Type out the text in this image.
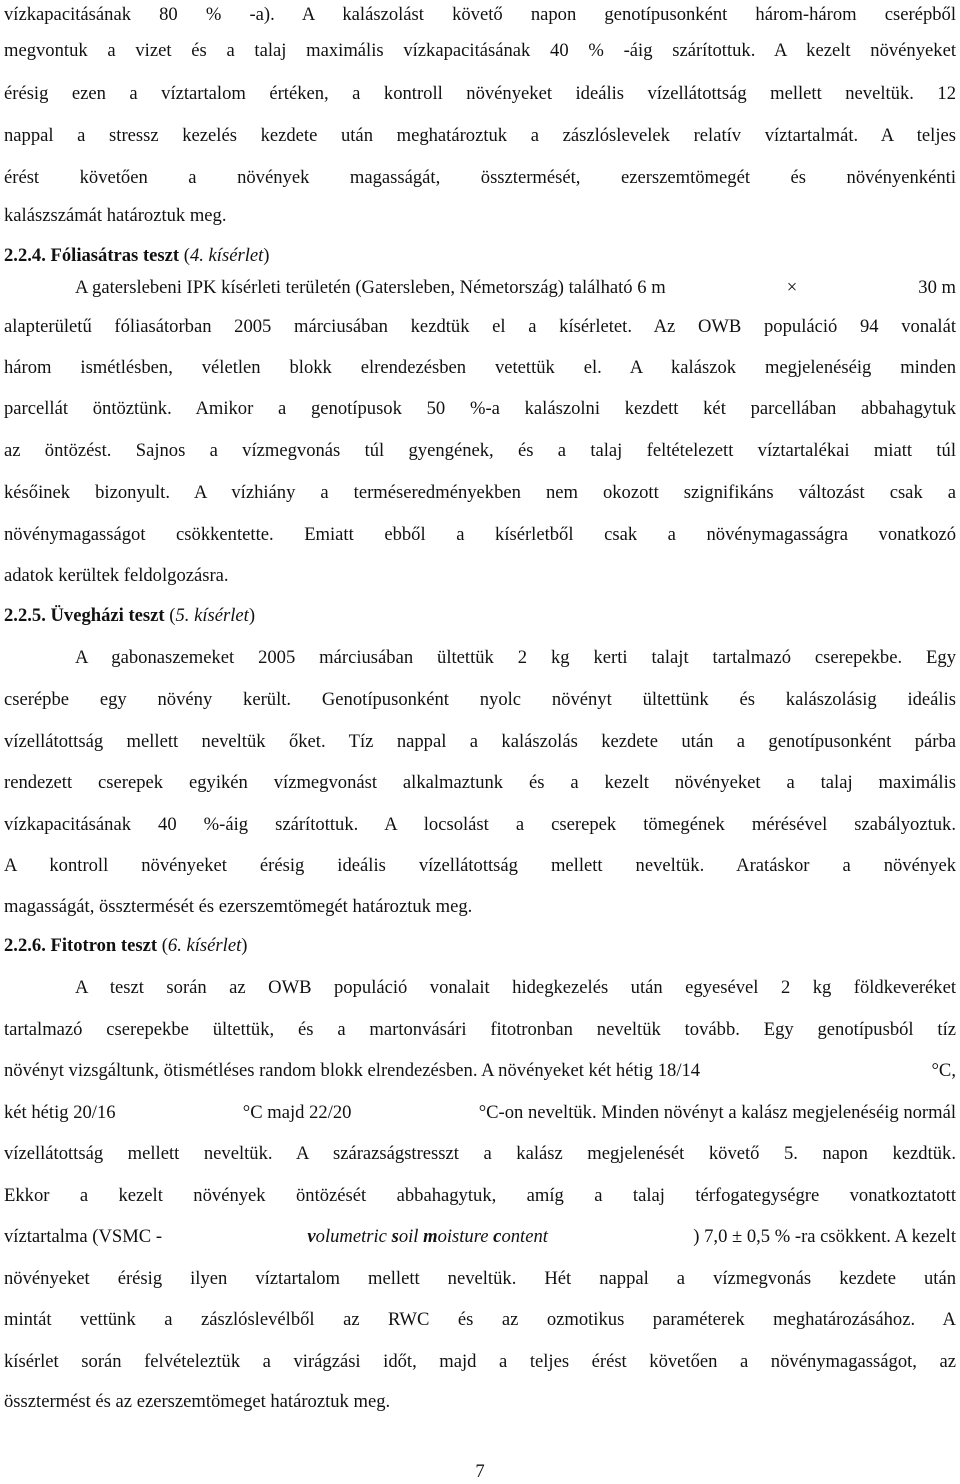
vízkapacitásának 80 % -a). A kalászolást követő napon genotípusonként három-három cserépből
megvontuk a vizet és a talaj maximális vízkapacitásának 40 % -áig szárítottuk. A kezelt növényeket
érésig ezen a víztartalom értéken, a kontroll növényeket ideális vízellátottság mellett neveltük. 12
nappal a stressz kezelés kezdete után meghatároztuk a zászlóslevelek relatív víztartalmát. A teljes
érést követően a növények magasságát, össztermését, ezerszemtömegét és növényenkénti
kalászszámát határoztuk meg.
2.2.4. Fóliasátras teszt (4. kísérlet)
A gaterslebeni IPK kísérleti területén (Gatersleben, Németország) található 6 m	×	30 m
alapterületű fóliasátorban 2005 márciusában kezdtük el a kísérletet. Az OWB populáció 94 vonalát
három ismétlésben, véletlen blokk elrendezésben vetettük el. A kalászok megjelenéséig minden
parcellát öntöztünk. Amikor a genotípusok 50 %-a kalászolni kezdett két parcellában abbahagytuk
az öntözést. Sajnos a vízmegvonás túl gyengének, és a talaj feltételezett víztartalékai miatt túl
későinek bizonyult. A vízhiány a terméseredményekben nem okozott szignifikáns változást csak a
növénymagasságot csökkentette. Emiatt ebből a kísérletből csak a növénymagasságra vonatkozó
adatok kerültek feldolgozásra.
2.2.5. Üvegházi teszt (5. kísérlet)
A gabonaszemeket 2005 márciusában ültettük 2 kg kerti talajt tartalmazó cserepekbe. Egy
cserépbe egy növény került. Genotípusonként nyolc növényt ültettünk és kalászolásig ideális
vízellátottság mellett neveltük őket. Tíz nappal a kalászolás kezdete után a genotípusonként párba
rendezett cserepek egyikén vízmegvonást alkalmaztunk és a kezelt növényeket a talaj maximális
vízkapacitásának 40 %-áig szárítottuk. A locsolást a cserepek tömegének mérésével szabályoztuk.
A kontroll növényeket érésig ideális vízellátottság mellett neveltük. Aratáskor a növények
magasságát, össztermését és ezerszemtömegét határoztuk meg.
2.2.6. Fitotron teszt (6. kísérlet)
A teszt során az OWB populáció vonalait hidegkezelés után egyesével 2 kg földkeveréket
tartalmazó cserepekbe ültettük, és a martonvásári fitotronban neveltük tovább. Egy genotípusból tíz
növényt vizsgáltunk, ötismétléses random blokk elrendezésben. A növényeket két hétig 18/14	°C,
két hétig 20/16	°C majd 22/20	°C-on neveltük. Minden növényt a kalász megjelenéséig normál
vízellátottság mellett neveltük. A szárazságstresszt a kalász megjelenését követő 5. napon kezdtük.
Ekkor a kezelt növények öntözését abbahagytuk, amíg a talaj térfogategységre vonatkoztatott
víztartalma (VSMC -	volumetric soil moisture content	) 7,0 ± 0,5 % -ra csökkent. A kezelt
növényeket érésig ilyen víztartalom mellett neveltük. Hét nappal a vízmegvonás kezdete után
mintát vettünk a zászlóslevélből az RWC és az ozmotikus paraméterek meghatározásához. A
kísérlet során felvételeztük a virágzási időt, majd a teljes érést követően a növénymagasságot, az
össztermést és az ezerszemtömeget határoztuk meg.
7
